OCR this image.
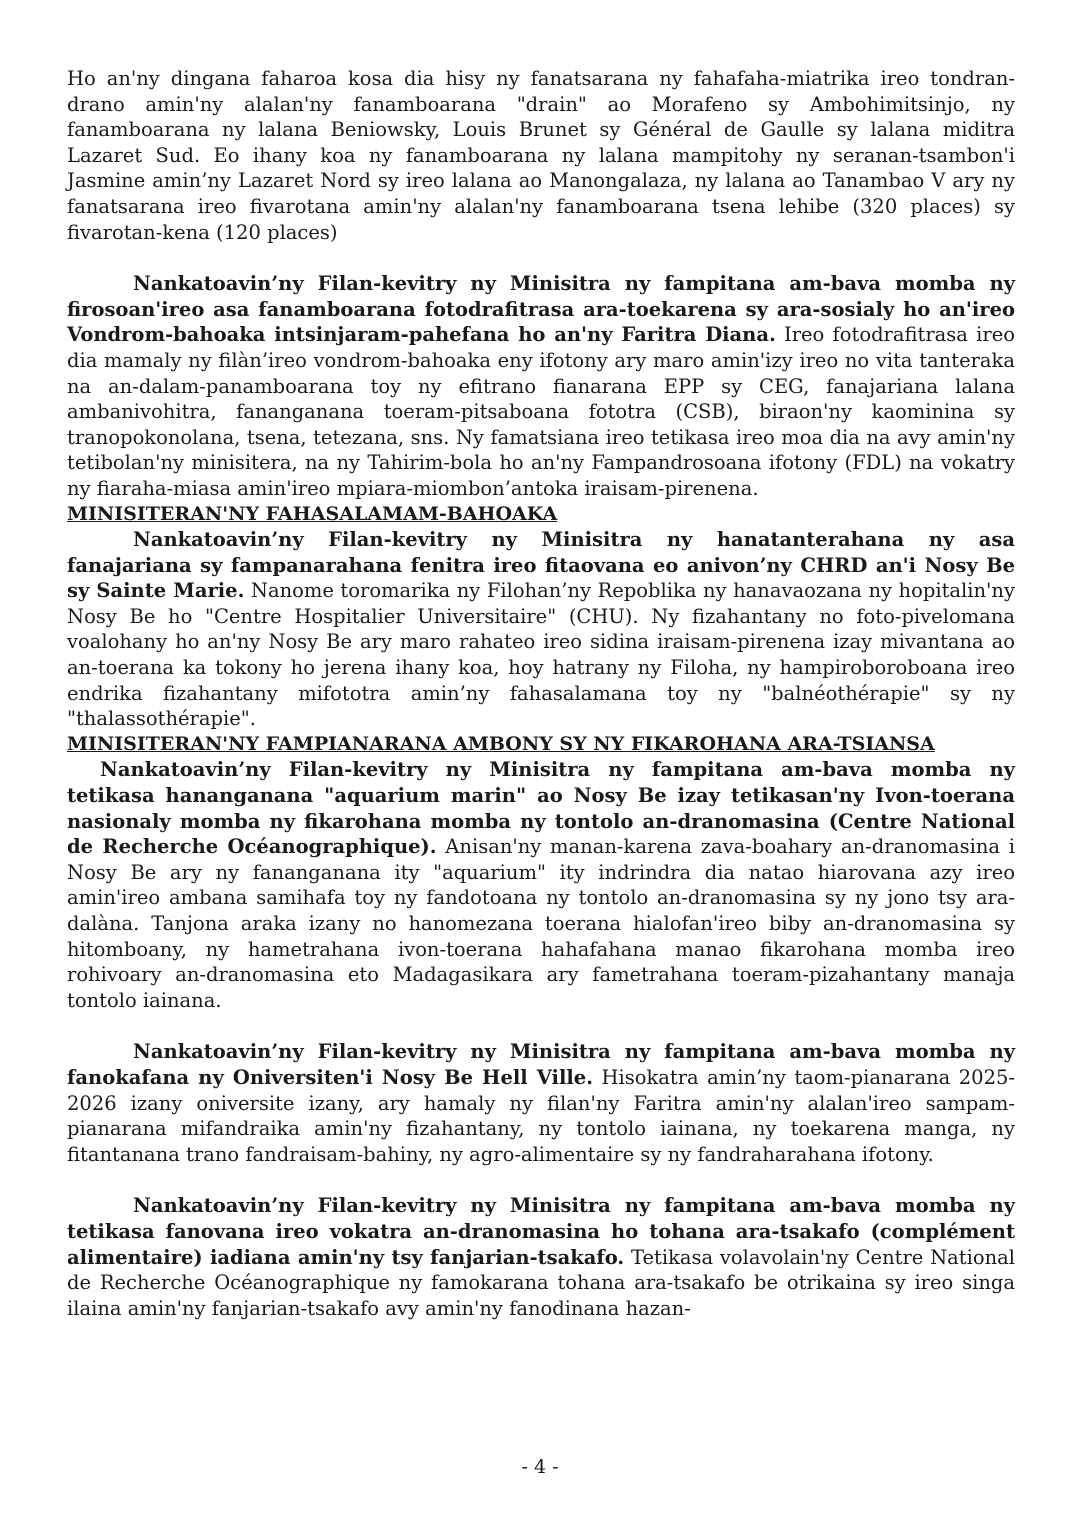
Ho an'ny dingana faharoa kosa dia hisy ny fanatsarana ny fahafaha-miatrika ireo tondran-drano amin'ny alalan'ny fanamboarana "drain" ao Morafeno sy Ambohimitsinjo, ny fanamboarana ny lalana Beniowsky, Louis Brunet sy Général de Gaulle sy lalana miditra Lazaret Sud. Eo ihany koa ny fanamboarana ny lalana mampitohy ny seranan-tsambon'i Jasmine amin’ny Lazaret Nord sy ireo lalana ao Manongalaza, ny lalana ao Tanambao V ary ny fanatsarana ireo fivarotana amin'ny alalan'ny fanamboarana tsena lehibe (320 places) sy fivarotan-kena (120 places)

Nankatoavin’ny Filan-kevitry ny Minisitra ny fampitana am-bava momba ny firosoan'ireo asa fanamboarana fotodrafitrasa ara-toekarena sy ara-sosialy ho an'ireo Vondrom-bahoaka intsinjaram-pahefana ho an'ny Faritra Diana. Ireo fotodrafitrasa ireo dia mamaly ny filàn’ireo vondrom-bahoaka eny ifotony ary maro amin'izy ireo no vita tanteraka na an-dalam-panamboarana toy ny efitrano fianarana EPP sy CEG, fanajariana lalana ambanivohitra, fananganana toeram-pitsaboana fototra (CSB), biraon'ny kaominina sy tranopokonolana, tsena, tetezana, sns. Ny famatsiana ireo tetikasa ireo moa dia na avy amin'ny tetibolan'ny minisitera, na ny Tahirim-bola ho an'ny Fampandrosoana ifotony (FDL) na vokatry ny fiaraha-miasa amin'ireo mpiara-miombon’antoka iraisam-pirenena.

MINISITERAN'NY FAHASALAMAM-BAHOAKA

Nankatoavin’ny Filan-kevitry ny Minisitra ny hanatanterahana ny asa fanajariana sy fampanarahana fenitra ireo fitaovana eo anivon’ny CHRD an'i Nosy Be sy Sainte Marie. Nanome toromarika ny Filohan’ny Repoblika ny hanavaozana ny hopitalin'ny Nosy Be ho "Centre Hospitalier Universitaire" (CHU). Ny fizahantany no foto-pivelomana voalohany ho an'ny Nosy Be ary maro rahateo ireo sidina iraisam-pirenena izay mivantana ao an-toerana ka tokony ho jerena ihany koa, hoy hatrany ny Filoha, ny hampiroboroboana ireo endrika fizahantany mifototra amin’ny fahasalamana toy ny "balnéothérapie" sy ny "thalassothérapie".

MINISITERAN'NY FAMPIANARANA AMBONY SY NY FIKAROHANA ARA-TSIANSA

Nankatoavin’ny Filan-kevitry ny Minisitra ny fampitana am-bava momba ny tetikasa hananganana "aquarium marin" ao Nosy Be izay tetikasan'ny Ivon-toerana nasionaly momba ny fikarohana momba ny tontolo an-dranomasina (Centre National de Recherche Océanographique). Anisan'ny manan-karena zava-boahary an-dranomasina i Nosy Be ary ny fananganana ity "aquarium" ity indrindra dia natao hiarovana azy ireo amin'ireo ambana samihafa toy ny fandotoana ny tontolo an-dranomasina sy ny jono tsy ara-dalàna. Tanjona araka izany no hanomezana toerana hialofan'ireo biby an-dranomasina sy hitomboany, ny hametrahana ivon-toerana hahafahana manao fikarohana momba ireo rohivoary an-dranomasina eto Madagasikara ary fametrahana toeram-pizahantany manaja tontolo iainana.

Nankatoavin’ny Filan-kevitry ny Minisitra ny fampitana am-bava momba ny fanokafana ny Oniversiten'i Nosy Be Hell Ville. Hisokatra amin’ny taom-pianarana 2025-2026 izany oniversite izany, ary hamaly ny filan'ny Faritra amin'ny alalan'ireo sampam-pianarana mifandraika amin'ny fizahantany, ny tontolo iainana, ny toekarena manga, ny fitantanana trano fandraisam-bahiny, ny agro-alimentaire sy ny fandraharahana ifotony.

Nankatoavin’ny Filan-kevitry ny Minisitra ny fampitana am-bava momba ny tetikasa fanovana ireo vokatra an-dranomasina ho tohana ara-tsakafo (complément alimentaire) iadiana amin'ny tsy fanjarian-tsakafo. Tetikasa volavolain'ny Centre National de Recherche Océanographique ny famokarana tohana ara-tsakafo be otrikaina sy ireo singa ilaina amin'ny fanjarian-tsakafo avy amin'ny fanodinana hazan-

- 4 -
